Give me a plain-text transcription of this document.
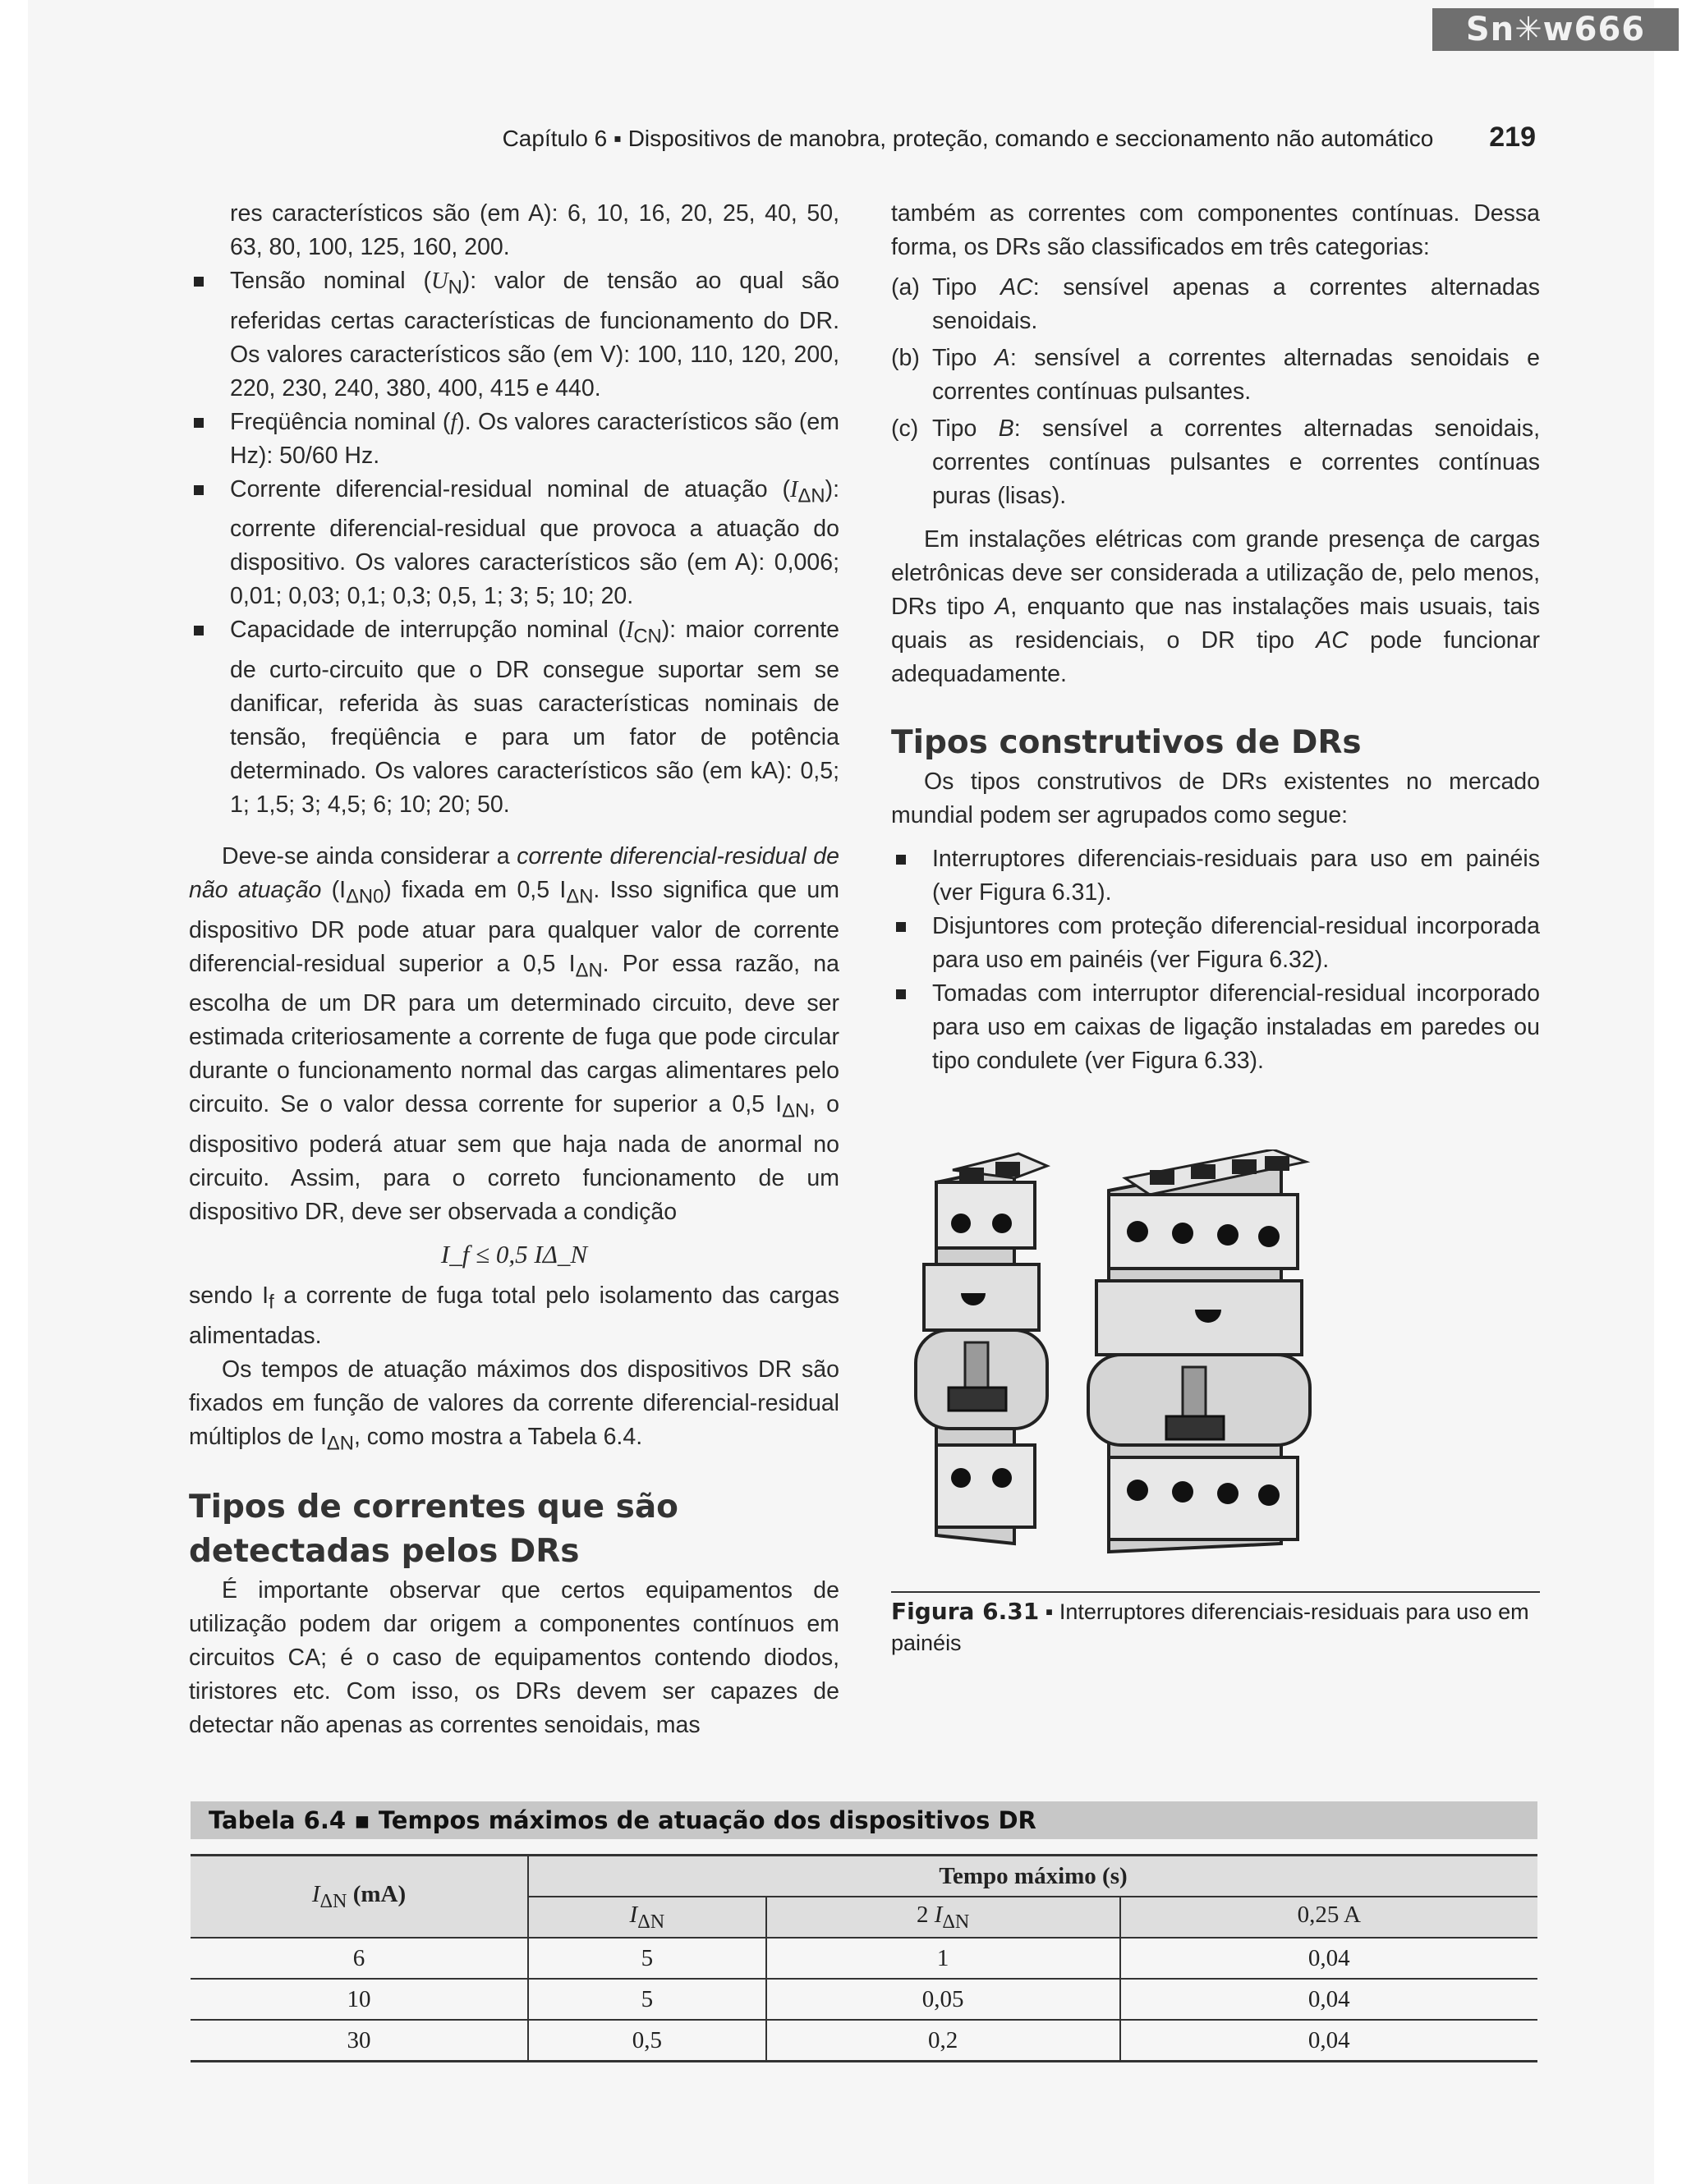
Sn✳w666
Capítulo 6 ▪ Dispositivos de manobra, proteção, comando e seccionamento não automático 219

res característicos são (em A): 6, 10, 16, 20, 25, 40, 50, 63, 80, 100, 125, 160, 200.

Tensão nominal $(U_N)$: valor de tensão ao qual são referidas certas características de funcionamento do DR. Os valores característicos são (em V): 100, 110, 120, 200, 220, 230, 240, 380, 400, 415 e 440.
Freqüência nominal (f). Os valores característicos são (em Hz): 50/60 Hz.
Corrente diferencial-residual nominal de atuação $(I_{\Delta N})$: corrente diferencial-residual que provoca a atuação do dispositivo. Os valores característicos são (em A): 0,006; 0,01; 0,03; 0,1; 0,3; 0,5, 1; 3; 5; 10; 20.
Capacidade de interrupção nominal $(I_{CN})$: maior corrente de curto-circuito que o DR consegue suportar sem se danificar, referida às suas características nominais de tensão, freqüência e para um fator de potência determinado. Os valores característicos são (em kA): 0,5; 1; 1,5; 3; 4,5; 6; 10; 20; 50.

Deve-se ainda considerar a corrente diferencial-residual de não atuação $(I_{\Delta N0})$ fixada em 0,5 $I_{\Delta N}$. Isso significa que um dispositivo DR pode atuar para qualquer valor de corrente diferencial-residual superior a 0,5 $I_{\Delta N}$. Por essa razão, na escolha de um DR para um determinado circuito, deve ser estimada criteriosamente a corrente de fuga que pode circular durante o funcionamento normal das cargas alimentares pelo circuito. Se o valor dessa corrente for superior a 0,5 $I_{\Delta N}$, o dispositivo poderá atuar sem que haja nada de anormal no circuito. Assim, para o correto funcionamento de um dispositivo DR, deve ser observada a condição

I_f ≤ 0,5 IΔ_N

sendo $I_f$ a corrente de fuga total pelo isolamento das cargas alimentadas.

Os tempos de atuação máximos dos dispositivos DR são fixados em função de valores da corrente diferencial-residual múltiplos de $I_{\Delta N}$, como mostra a Tabela 6.4.

Tipos de correntes que são detectadas pelos DRs

É importante observar que certos equipamentos de utilização podem dar origem a componentes contínuos em circuitos CA; é o caso de equipamentos contendo diodos, tiristores etc. Com isso, os DRs devem ser capazes de detectar não apenas as correntes senoidais, mas

também as correntes com componentes contínuas. Dessa forma, os DRs são classificados em três categorias:

(a) Tipo AC: sensível apenas a correntes alternadas senoidais.
(b) Tipo A: sensível a correntes alternadas senoidais e correntes contínuas pulsantes.
(c) Tipo B: sensível a correntes alternadas senoidais, correntes contínuas pulsantes e correntes contínuas puras (lisas).

Em instalações elétricas com grande presença de cargas eletrônicas deve ser considerada a utilização de, pelo menos, DRs tipo A, enquanto que nas instalações mais usuais, tais quais as residenciais, o DR tipo AC pode funcionar adequadamente.

Tipos construtivos de DRs

Os tipos construtivos de DRs existentes no mercado mundial podem ser agrupados como segue:

Interruptores diferenciais-residuais para uso em painéis (ver Figura 6.31).
Disjuntores com proteção diferencial-residual incorporada para uso em painéis (ver Figura 6.32).
Tomadas com interruptor diferencial-residual incorporado para uso em caixas de ligação instaladas em paredes ou tipo condulete (ver Figura 6.33).
Figura 6.31 ▪ Interruptores diferenciais-residuais para uso em painéis
Tabela 6.4 ▪ Tempos máximos de atuação dos dispositivos DR
$I_{\Delta N}$ (mA)	Tempo máximo (s)		
	$I_{\Delta N}$	2 $I_{\Delta N}$	0,25 A
6	5	1	0,04
10	5	0,05	0,04
30	0,5	0,2	0,04
